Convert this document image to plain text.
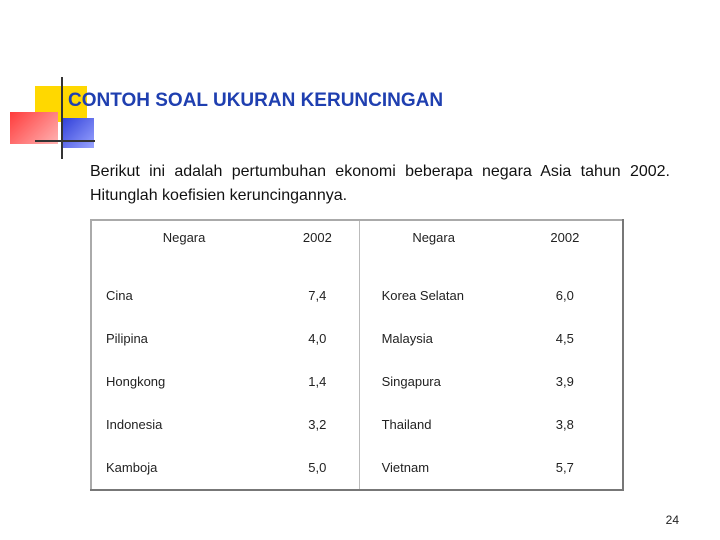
CONTOH SOAL UKURAN KERUNCINGAN
Berikut ini adalah pertumbuhan ekonomi beberapa negara Asia tahun 2002. Hitunglah koefisien keruncingannya.
Negara	2002	Negara	2002
Cina	7,4	Korea Selatan	6,0
Pilipina	4,0	Malaysia	4,5
Hongkong	1,4	Singapura	3,9
Indonesia	3,2	Thailand	3,8
Kamboja	5,0	Vietnam	5,7
24
